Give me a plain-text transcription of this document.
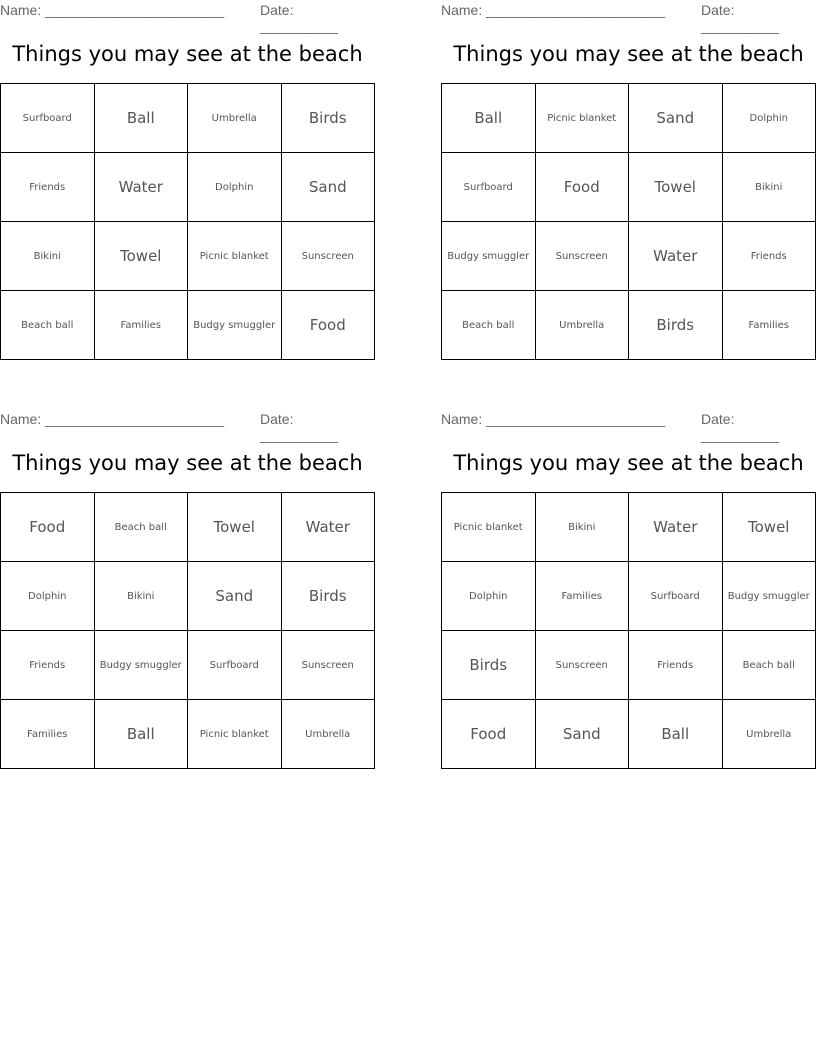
Name: _______________________	Date: __________
Things you may see at the beach
Surfboard	Ball	Umbrella	Birds
Friends	Water	Dolphin	Sand
Bikini	Towel	Picnic blanket	Sunscreen
Beach ball	Families	Budgy smuggler	Food
Name: _______________________	Date: __________
Things you may see at the beach
Ball	Picnic blanket	Sand	Dolphin
Surfboard	Food	Towel	Bikini
Budgy smuggler	Sunscreen	Water	Friends
Beach ball	Umbrella	Birds	Families
Name: _______________________	Date: __________
Things you may see at the beach
Food	Beach ball	Towel	Water
Dolphin	Bikini	Sand	Birds
Friends	Budgy smuggler	Surfboard	Sunscreen
Families	Ball	Picnic blanket	Umbrella
Name: _______________________	Date: __________
Things you may see at the beach
Picnic blanket	Bikini	Water	Towel
Dolphin	Families	Surfboard	Budgy smuggler
Birds	Sunscreen	Friends	Beach ball
Food	Sand	Ball	Umbrella
